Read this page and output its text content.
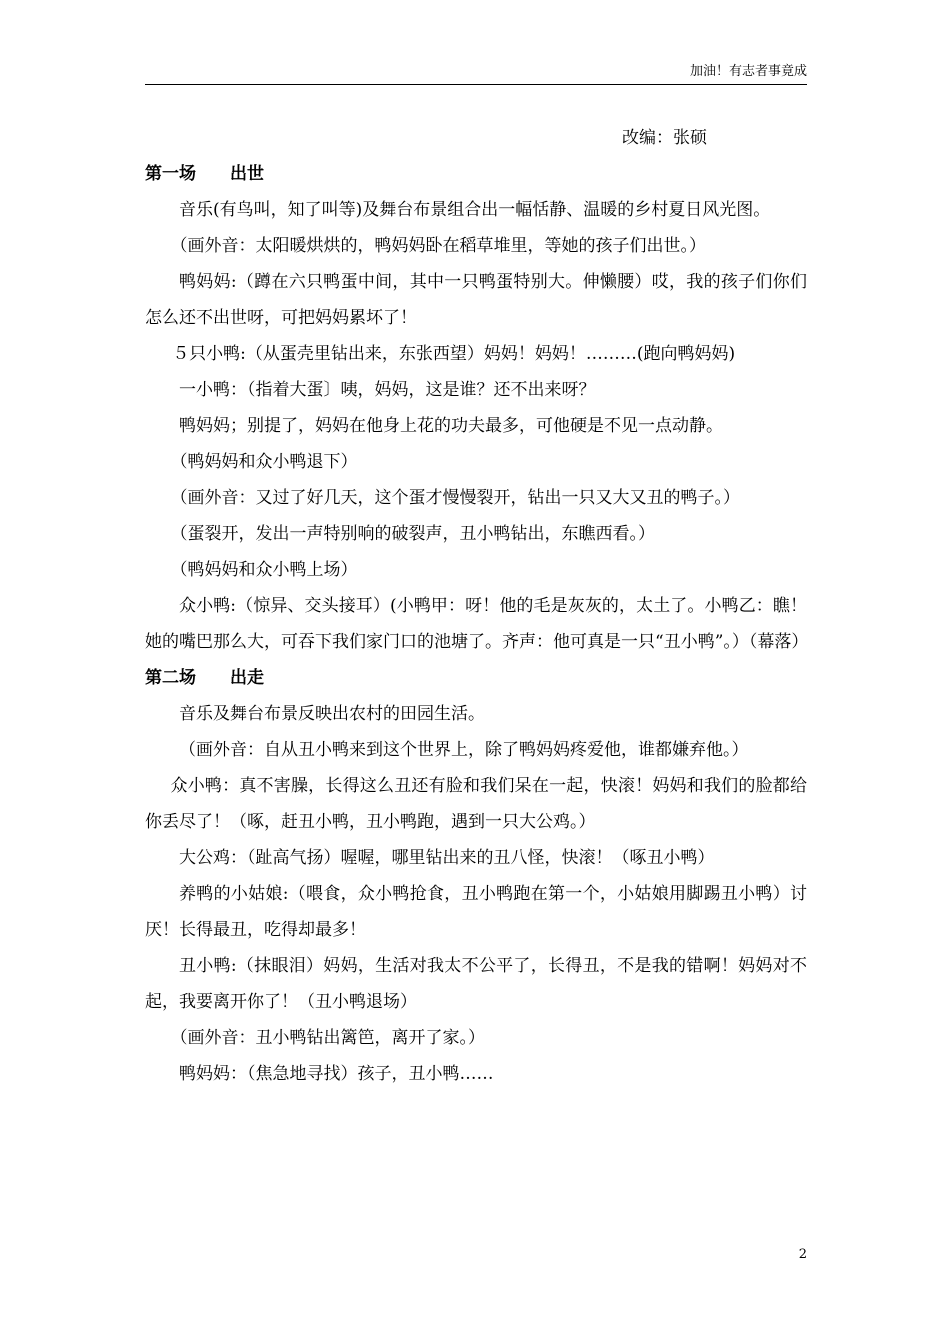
加油！有志者事竟成

改编：张硕

第一场 出世

音乐(有鸟叫，知了叫等)及舞台布景组合出一幅恬静、温暖的乡村夏日风光图。

（画外音：太阳暖烘烘的，鸭妈妈卧在稻草堆里，等她的孩子们出世。）

鸭妈妈:（蹲在六只鸭蛋中间，其中一只鸭蛋特别大。伸懒腰）哎，我的孩子们你们怎么还不出世呀，可把妈妈累坏了！

５只小鸭:（从蛋壳里钻出来，东张西望）妈妈！妈妈！………(跑向鸭妈妈)

一小鸭：（指着大蛋〕咦，妈妈，这是谁？还不出来呀？

鸭妈妈；别提了，妈妈在他身上花的功夫最多，可他硬是不见一点动静。

（鸭妈妈和众小鸭退下）

（画外音：又过了好几天，这个蛋才慢慢裂开，钻出一只又大又丑的鸭子。）

（蛋裂开，发出一声特别响的破裂声，丑小鸭钻出，东瞧西看。）

（鸭妈妈和众小鸭上场）

众小鸭:（惊异、交头接耳）(小鸭甲：呀！他的毛是灰灰的，太土了。小鸭乙：瞧！她的嘴巴那么大，可吞下我们家门口的池塘了。齐声：他可真是一只“丑小鸭”。）（幕落）

第二场 出走

音乐及舞台布景反映出农村的田园生活。

（画外音：自从丑小鸭来到这个世界上，除了鸭妈妈疼爱他，谁都嫌弃他。）

众小鸭：真不害臊，长得这么丑还有脸和我们呆在一起，快滚！妈妈和我们的脸都给你丢尽了！（啄，赶丑小鸭，丑小鸭跑，遇到一只大公鸡。）

大公鸡：（趾高气扬）喔喔，哪里钻出来的丑八怪，快滚！（啄丑小鸭）

养鸭的小姑娘:（喂食，众小鸭抢食，丑小鸭跑在第一个，小姑娘用脚踢丑小鸭）讨厌！长得最丑，吃得却最多！

丑小鸭:（抹眼泪）妈妈，生活对我太不公平了，长得丑，不是我的错啊！妈妈对不起，我要离开你了！（丑小鸭退场）

（画外音：丑小鸭钻出篱笆，离开了家。）

鸭妈妈：（焦急地寻找）孩子，丑小鸭……

2
